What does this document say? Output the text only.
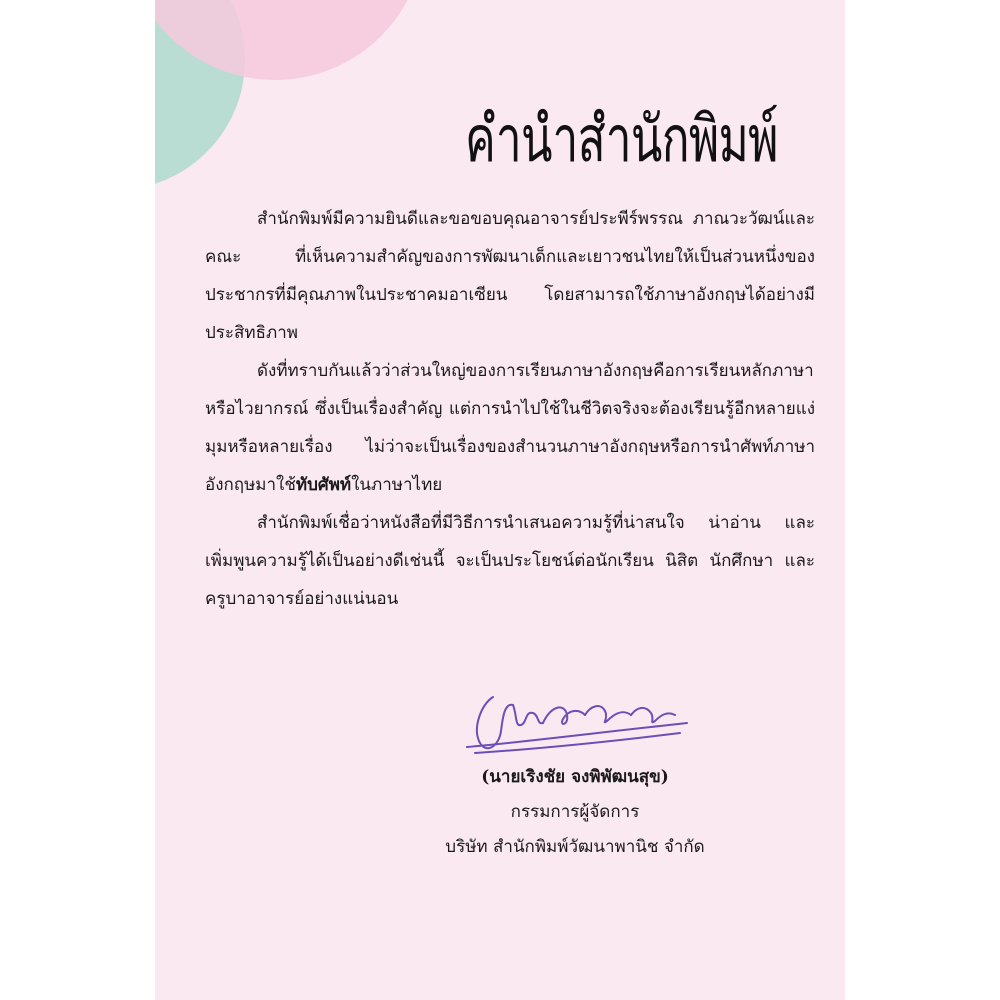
คำนำสำนักพิมพ์

สำนักพิมพ์มีความยินดีและขอขอบคุณอาจารย์ประพีร์พรรณ ภาณวะวัฒน์และคณะ ที่เห็นความสำคัญของการพัฒนาเด็กและเยาวชนไทยให้เป็นส่วนหนึ่งของประชากรที่มีคุณภาพในประชาคมอาเซียน โดยสามารถใช้ภาษาอังกฤษได้อย่างมีประสิทธิภาพ

ดังที่ทราบกันแล้วว่าส่วนใหญ่ของการเรียนภาษาอังกฤษคือการเรียนหลักภาษาหรือไวยากรณ์ ซึ่งเป็นเรื่องสำคัญ แต่การนำไปใช้ในชีวิตจริงจะต้องเรียนรู้อีกหลายแง่มุมหรือหลายเรื่อง ไม่ว่าจะเป็นเรื่องของสำนวนภาษาอังกฤษหรือการนำศัพท์ภาษาอังกฤษมาใช้ทับศัพท์ในภาษาไทย

สำนักพิมพ์เชื่อว่าหนังสือที่มีวิธีการนำเสนอความรู้ที่น่าสนใจ น่าอ่าน และเพิ่มพูนความรู้ได้เป็นอย่างดีเช่นนี้ จะเป็นประโยชน์ต่อนักเรียน นิสิต นักศึกษา และครูบาอาจารย์อย่างแน่นอน

(นายเริงชัย จงพิพัฒนสุข)
กรรมการผู้จัดการ
บริษัท สำนักพิมพ์วัฒนาพานิช จำกัด
